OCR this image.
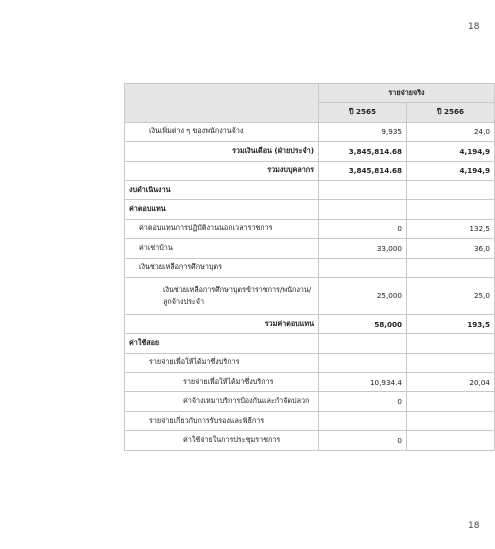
18
	รายจ่ายจริง	
	ปี 2565	ปี 2566
เงินเพิ่มต่าง ๆ ของพนักงานจ้าง	9,935	24,0
รวมเงินเดือน (ฝ่ายประจำ)	3,845,814.68	4,194,9
รวมงบบุคลากร	3,845,814.68	4,194,9
งบดำเนินงาน		
ค่าตอบแทน		
ค่าตอบแทนการปฏิบัติงานนอกเวลาราชการ	0	132,5
ค่าเช่าบ้าน	33,000	36,0
เงินช่วยเหลือการศึกษาบุตร		
เงินช่วยเหลือการศึกษาบุตรข้าราชการ/พนักงาน/ลูกจ้างประจำ	25,000	25,0
รวมค่าตอบแทน	58,000	193,5
ค่าใช้สอย		
รายจ่ายเพื่อให้ได้มาซึ่งบริการ		
รายจ่ายเพื่อให้ได้มาซึ่งบริการ	10,934.4	20,04
ค่าจ้างเหมาบริการป้องกันและกำจัดปลวก	0	
รายจ่ายเกี่ยวกับการรับรองและพิธีการ		
ค่าใช้จ่ายในการประชุมราชการ	0	
18
